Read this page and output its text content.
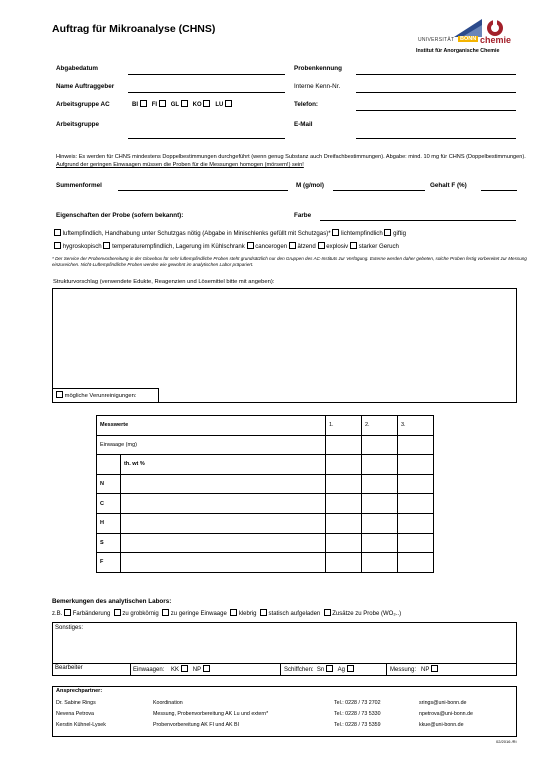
Auftrag für Mikroanalyse (CHNS)
UNIVERSITÄT	BONN chemie
Institut für Anorganische Chemie
Abgabedatum	Probenkennung
Name Auftraggeber	Interne Kenn-Nr.
Arbeitsgruppe AC	BI FI GL KO LU	Telefon:
Arbeitsgruppe	E-Mail
Hinweis: Es werden für CHNS mindestens Doppelbestimmungen durchgeführt (wenn genug Substanz auch Dreifachbestimmungen). Abgabe: mind. 10 mg für CHNS (Doppelbestimmungen). Aufgrund der geringen Einwaagen müssen die Proben für die Messungen homogen (mörsern!) sein!
Summenformel	M (g/mol)	Gehalt F (%)
Eigenschaften der Probe (sofern bekannt):	Farbe
luftempfindlich, Handhabung unter Schutzgas nötig (Abgabe in Minischlenks gefüllt mit Schutzgas)* lichtempfindlich giftig
hygroskopisch temperaturempfindlich, Lagerung im Kühlschrank cancerogen ätzend explosiv starker Geruch
* Der Service der Probenvorbereitung in der Glovebox für sehr luftempfindliche Proben steht grundsätzlich nur den Gruppen des AC-Instituts zur Verfügung. Externe werden daher gebeten, solche Proben fertig vorbereitet zur Messung einzureichen. Nicht-Luftempfindliche Proben werden wie gewohnt im analytischen Labor präpariert.
Strukturvorschlag (verwendete Edukte, Reagenzien und Lösemittel bitte mit angeben):
mögliche Verunreinigungen:
Messwerte		1.	2.	3.
Einwaage (mg)				
	th. wt %			
N				
C				
H				
S				
F				
Bemerkungen des analytischen Labors:
z.B. Farbänderung zu grobkörnig zu geringe Einwaage klebrig statisch aufgeladen Zusätze zu Probe (WO₃..)
Sonstiges:
Bearbeiter	Einwaagen: KK NP	Schiffchen: Sn Ag	Messung: NP
Ansprechpartner:
Dr. Sabine Rings	Koordination	Tel.: 0228 / 73 2702	srings@uni-bonn.de
Nevena Petrova	Messung, Probenvorbereitung AK Lu und extern*	Tel.: 0228 / 73 5330	npetrova@uni-bonn.de
Kerstin Kühnel-Lysek	Probenvorbereitung AK FI und AK BI	Tel.: 0228 / 73 5359	kkue@uni-bonn.de
02/2016 /Ri
